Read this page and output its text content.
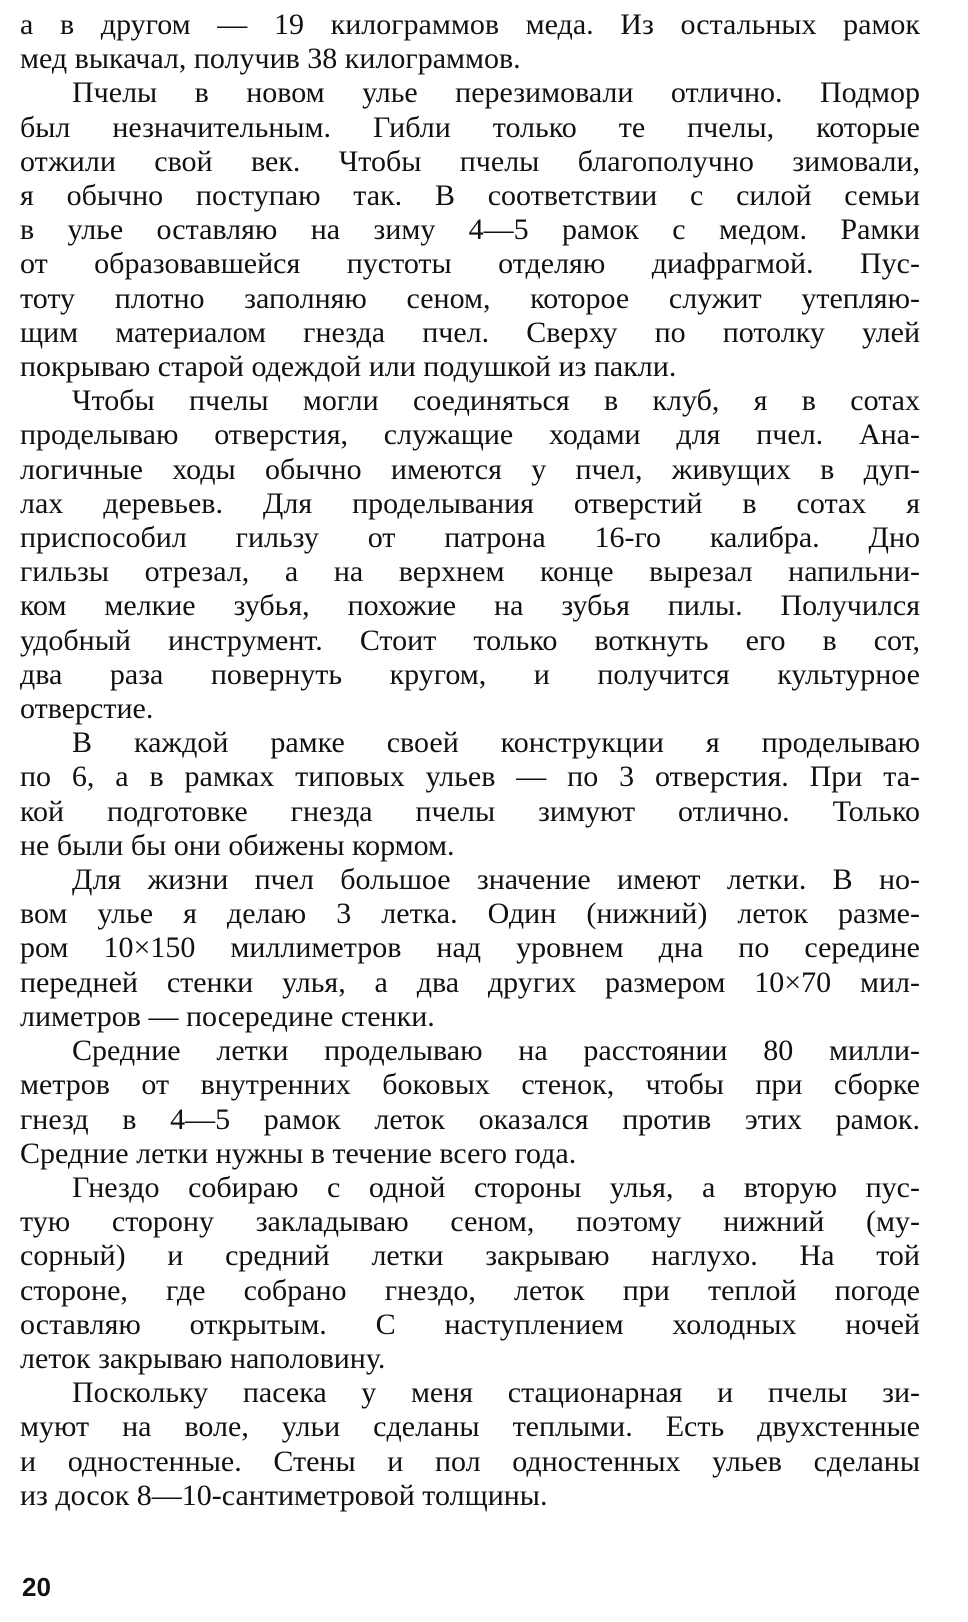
а в другом — 19 килограммов меда. Из остальных рамок
мед выкачал, получив 38 килограммов.

Пчелы в новом улье перезимовали отлично. Подмор
был незначительным. Гибли только те пчелы, которые
отжили свой век. Чтобы пчелы благополучно зимовали,
я обычно поступаю так. В соответствии с силой семьи
в улье оставляю на зиму 4—5 рамок с медом. Рамки
от образовавшейся пустоты отделяю диафрагмой. Пус-
тоту плотно заполняю сеном, которое служит утепляю-
щим материалом гнезда пчел. Сверху по потолку улей
покрываю старой одеждой или подушкой из пакли.

Чтобы пчелы могли соединяться в клуб, я в сотах
проделываю отверстия, служащие ходами для пчел. Ана-
логичные ходы обычно имеются у пчел, живущих в дуп-
лах деревьев. Для проделывания отверстий в сотах я
приспособил гильзу от патрона 16-го калибра. Дно
гильзы отрезал, а на верхнем конце вырезал напильни-
ком мелкие зубья, похожие на зубья пилы. Получился
удобный инструмент. Стоит только воткнуть его в сот,
два раза повернуть кругом, и получится культурное
отверстие.

В каждой рамке своей конструкции я проделываю
по 6, а в рамках типовых ульев — по 3 отверстия. При та-
кой подготовке гнезда пчелы зимуют отлично. Только
не были бы они обижены кормом.

Для жизни пчел большое значение имеют летки. В но-
вом улье я делаю 3 летка. Один (нижний) леток разме-
ром 10×150 миллиметров над уровнем дна по середине
передней стенки улья, а два других размером 10×70 мил-
лиметров — посередине стенки.

Средние летки проделываю на расстоянии 80 милли-
метров от внутренних боковых стенок, чтобы при сборке
гнезд в 4—5 рамок леток оказался против этих рамок.
Средние летки нужны в течение всего года.

Гнездо собираю с одной стороны улья, а вторую пус-
тую сторону закладываю сеном, поэтому нижний (му-
сорный) и средний летки закрываю наглухо. На той
стороне, где собрано гнездо, леток при теплой погоде
оставляю открытым. С наступлением холодных ночей
леток закрываю наполовину.

Поскольку пасека у меня стационарная и пчелы зи-
муют на воле, ульи сделаны теплыми. Есть двухстенные
и одностенные. Стены и пол одностенных ульев сделаны
из досок 8—10-сантиметровой толщины.

20
